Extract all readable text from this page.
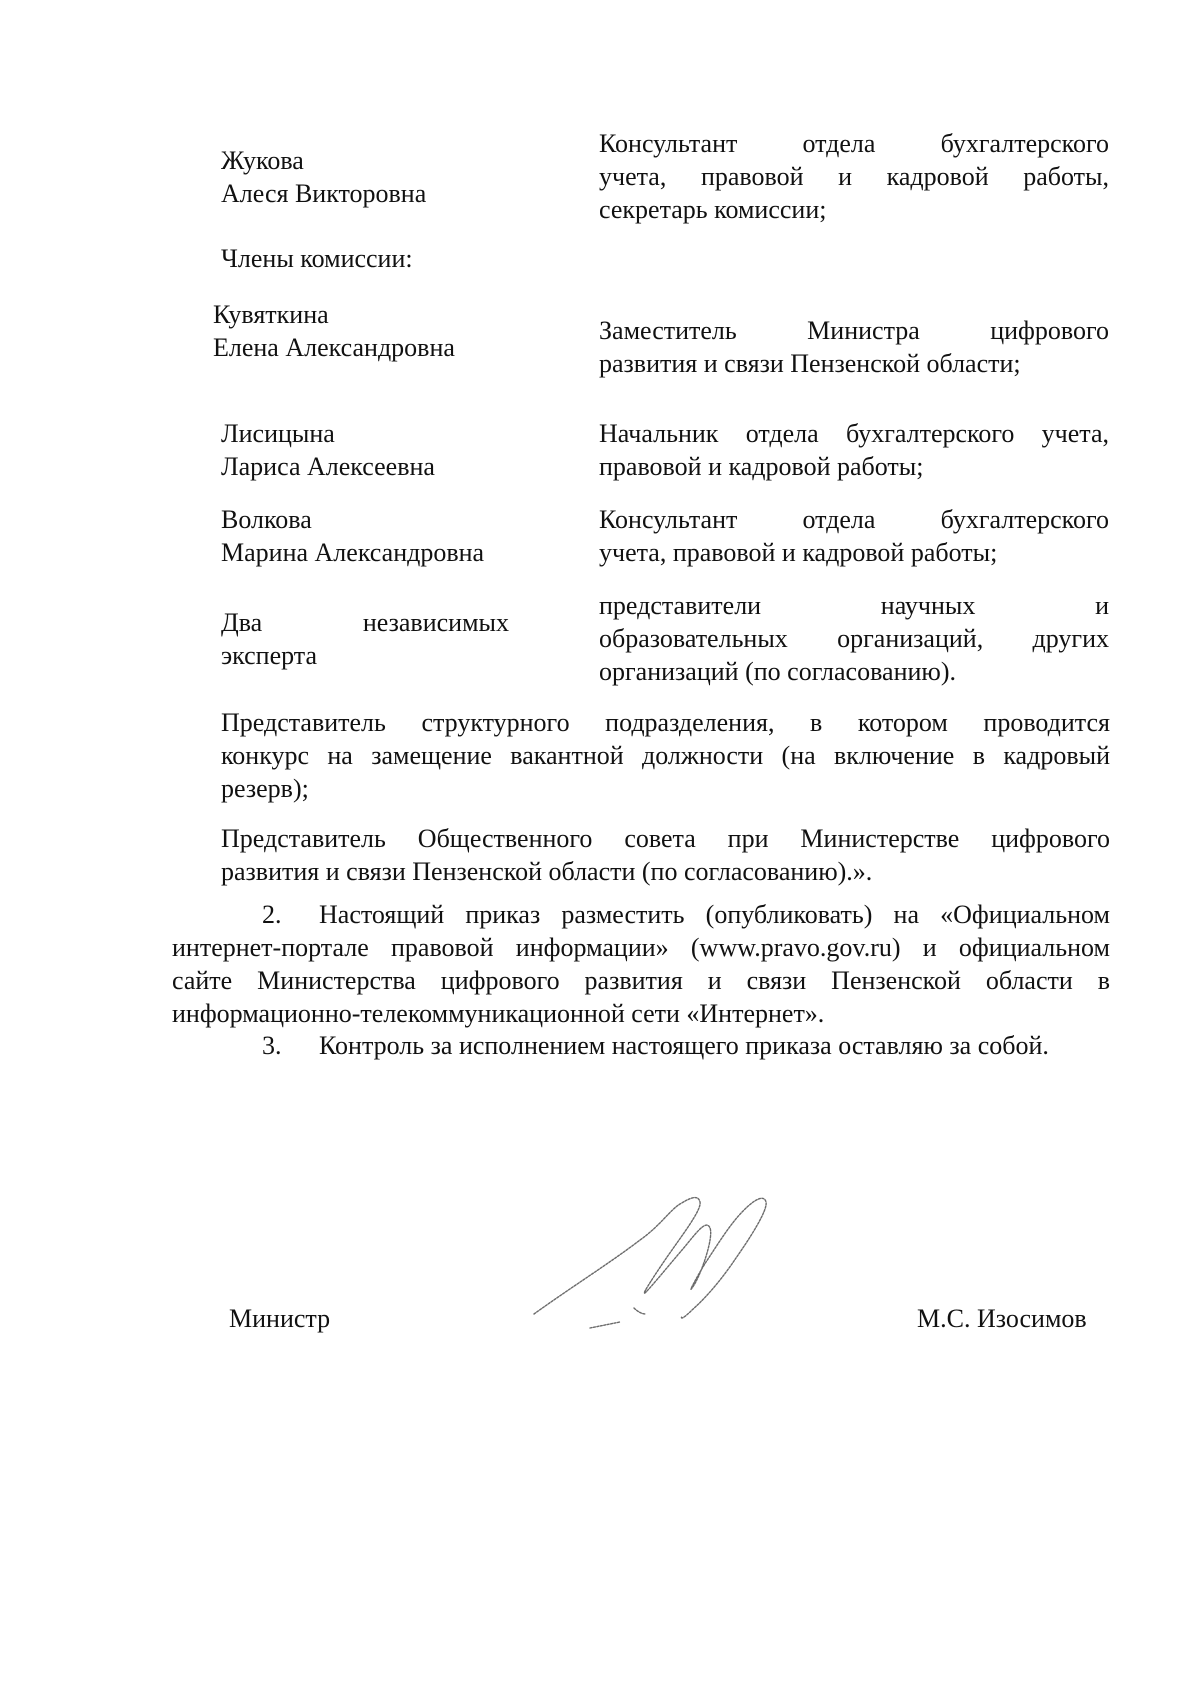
Жукова
Алеся Викторовна
Консультант отдела бухгалтерского
учета, правовой и кадровой работы,
секретарь комиссии;
Члены комиссии:
Кувяткина
Елена Александровна
Заместитель Министра цифрового
развития и связи Пензенской области;
Лисицына
Лариса Алексеевна
Начальник отдела бухгалтерского учета,
правовой и кадровой работы;
Волкова
Марина Александровна
Консультант отдела бухгалтерского
учета, правовой и кадровой работы;
Два независимых
эксперта
представители научных и
образовательных организаций, других
организаций (по согласованию).
Представитель структурного подразделения, в котором проводится
конкурс на замещение вакантной должности (на включение в кадровый
резерв);
Представитель Общественного совета при Министерстве цифрового
развития и связи Пензенской области (по согласованию).».
2. Настоящий приказ разместить (опубликовать) на «Официальном
интернет-портале правовой информации» (www.pravo.gov.ru) и официальном
сайте Министерства цифрового развития и связи Пензенской области в
информационно-телекоммуникационной сети «Интернет».
3. Контроль за исполнением настоящего приказа оставляю за собой.
Министр	М.С. Изосимов
